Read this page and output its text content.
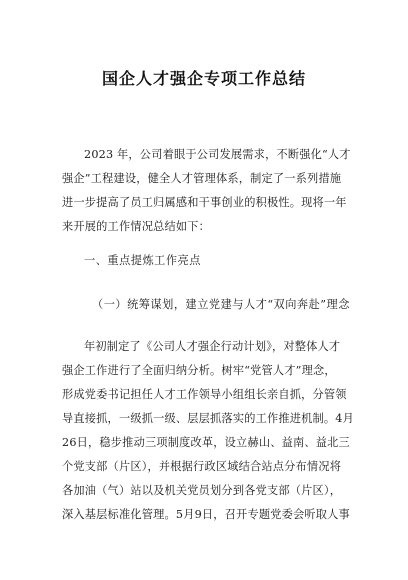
国企人才强企专项工作总结
2023 年，公司着眼于公司发展需求，不断强化“人才
强企”工程建设，健全人才管理体系，制定了一系列措施
进一步提高了员工归属感和干事创业的积极性。现将一年
来开展的工作情况总结如下：
一、重点提炼工作亮点
（一）统筹谋划，建立党建与人才“双向奔赴”理念
年初制定了《公司人才强企行动计划》，对整体人才
强企工作进行了全面归纳分析。树牢“党管人才”理念，
形成党委书记担任人才工作领导小组组长亲自抓，分管领
导直接抓，一级抓一级、层层抓落实的工作推进机制。4月
26日，稳步推动三项制度改革，设立赫山、益南、益北三
个党支部（片区），并根据行政区域结合站点分布情况将
各加油（气）站以及机关党员划分到各党支部（片区），
深入基层标准化管理。5月9日，召开专题党委会听取人事
